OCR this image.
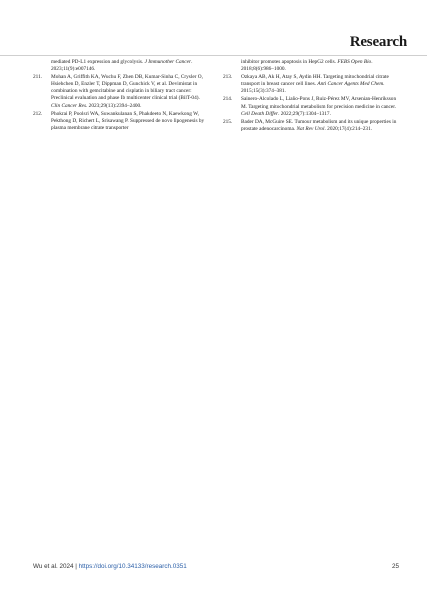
Research
mediated PD-L1 expression and glycolysis. J Immunother Cancer. 2023;11(9):e007146.
211. Mohan A, Griffith KA, Wuchu F, Zhen DB, Kumar-Sinha C, Crysler O, Hsiehchen D, Enzler T, Dippman D, Gunchick V, et al. Devimistat in combination with gemcitabine and cisplatin in biliary tract cancer: Preclinical evaluation and phase Ib multicenter clinical trial (BilT-04). Clin Cancer Res. 2023;29(13):2394–2400.
212. Phokrai P, Poolsri WA, Suwankulanan S, Phakdeeto N, Kaewkong W, Pekthong D, Richert L, Srisawang P. Suppressed de novo lipogenesis by plasma membrane citrate transporter
inhibitor promotes apoptosis in HepG2 cells. FEBS Open Bio. 2018;8(6):986–1000.
213. Ozkaya AB, Ak H, Atay S, Aydin HH. Targeting mitochondrial citrate transport in breast cancer cell lines. Anti Cancer Agents Med Chem. 2015;15(3):374–381.
214. Sainero-Alcolado L, Liaño-Pons J, Ruiz-Pérez MV, Arsenian-Henriksson M. Targeting mitochondrial metabolism for precision medicine in cancer. Cell Death Differ. 2022;29(7):1304–1317.
215. Bader DA, McGuire SE. Tumour metabolism and its unique properties in prostate adenocarcinoma. Nat Rev Urol. 2020;17(4):214–231.
Wu et al. 2024 | https://doi.org/10.34133/research.0351	25
